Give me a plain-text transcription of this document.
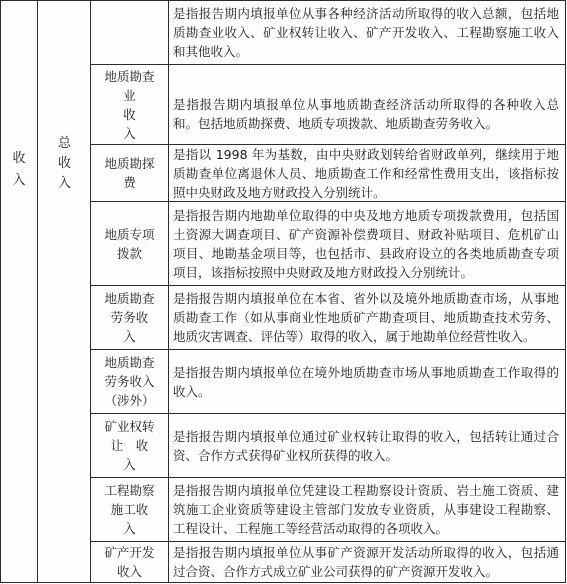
收
入
总
收
入
是指报告期内填报单位从事各种经济活动所取得的收入总额，包括地质勘查业收入、矿业权转让收入、矿产开发收入、工程勘察施工收入和其他收入。
地质勘查
业
收
入
是指报告期内填报单位从事地质勘查经济活动所取得的各种收入总和。包括地质勘探费、地质专项拨款、地质勘查劳务收入。
地质勘探
费
是指以 1998 年为基数，由中央财政划转给省财政单列，继续用于地质勘查单位离退休人员、地质勘查工作和经常性费用支出，该指标按照中央财政及地方财政投入分别统计。
地质专项
拨款
是指报告期内地勘单位取得的中央及地方地质专项拨款费用，包括国土资源大调查项目、矿产资源补偿费项目、财政补贴项目、危机矿山项目、地勘基金项目等，也包括市、县政府设立的各类地质勘查专项项目，该指标按照中央财政及地方财政投入分别统计。
地质勘查
劳务收
入
是指报告期内填报单位在本省、省外以及境外地质勘查市场，从事地质勘查工作（如从事商业性地质矿产勘查项目、地质勘查技术劳务、地质灾害调查、评估等）取得的收入，属于地勘单位经营性收入。
地质勘查
劳务收入
（涉外）
是指报告期内填报单位在境外地质勘查市场从事地质勘查工作取得的收入。
矿业权转
让　收
入
是指报告期内填报单位通过矿业权转让取得的收入，包括转让通过合资、合作方式获得矿业权所获得的收入。
工程勘察
施工收
入
是指报告期内填报单位凭建设工程勘察设计资质、岩土施工资质、建筑施工企业资质等建设主管部门发放专业资质，从事建设工程勘察、工程设计、工程施工等经营活动取得的各项收入。
矿产开发
收入
是指报告期内填报单位从事矿产资源开发活动所取得的收入，包括通过合资、合作方式成立矿业公司获得的矿产资源开发收入。
